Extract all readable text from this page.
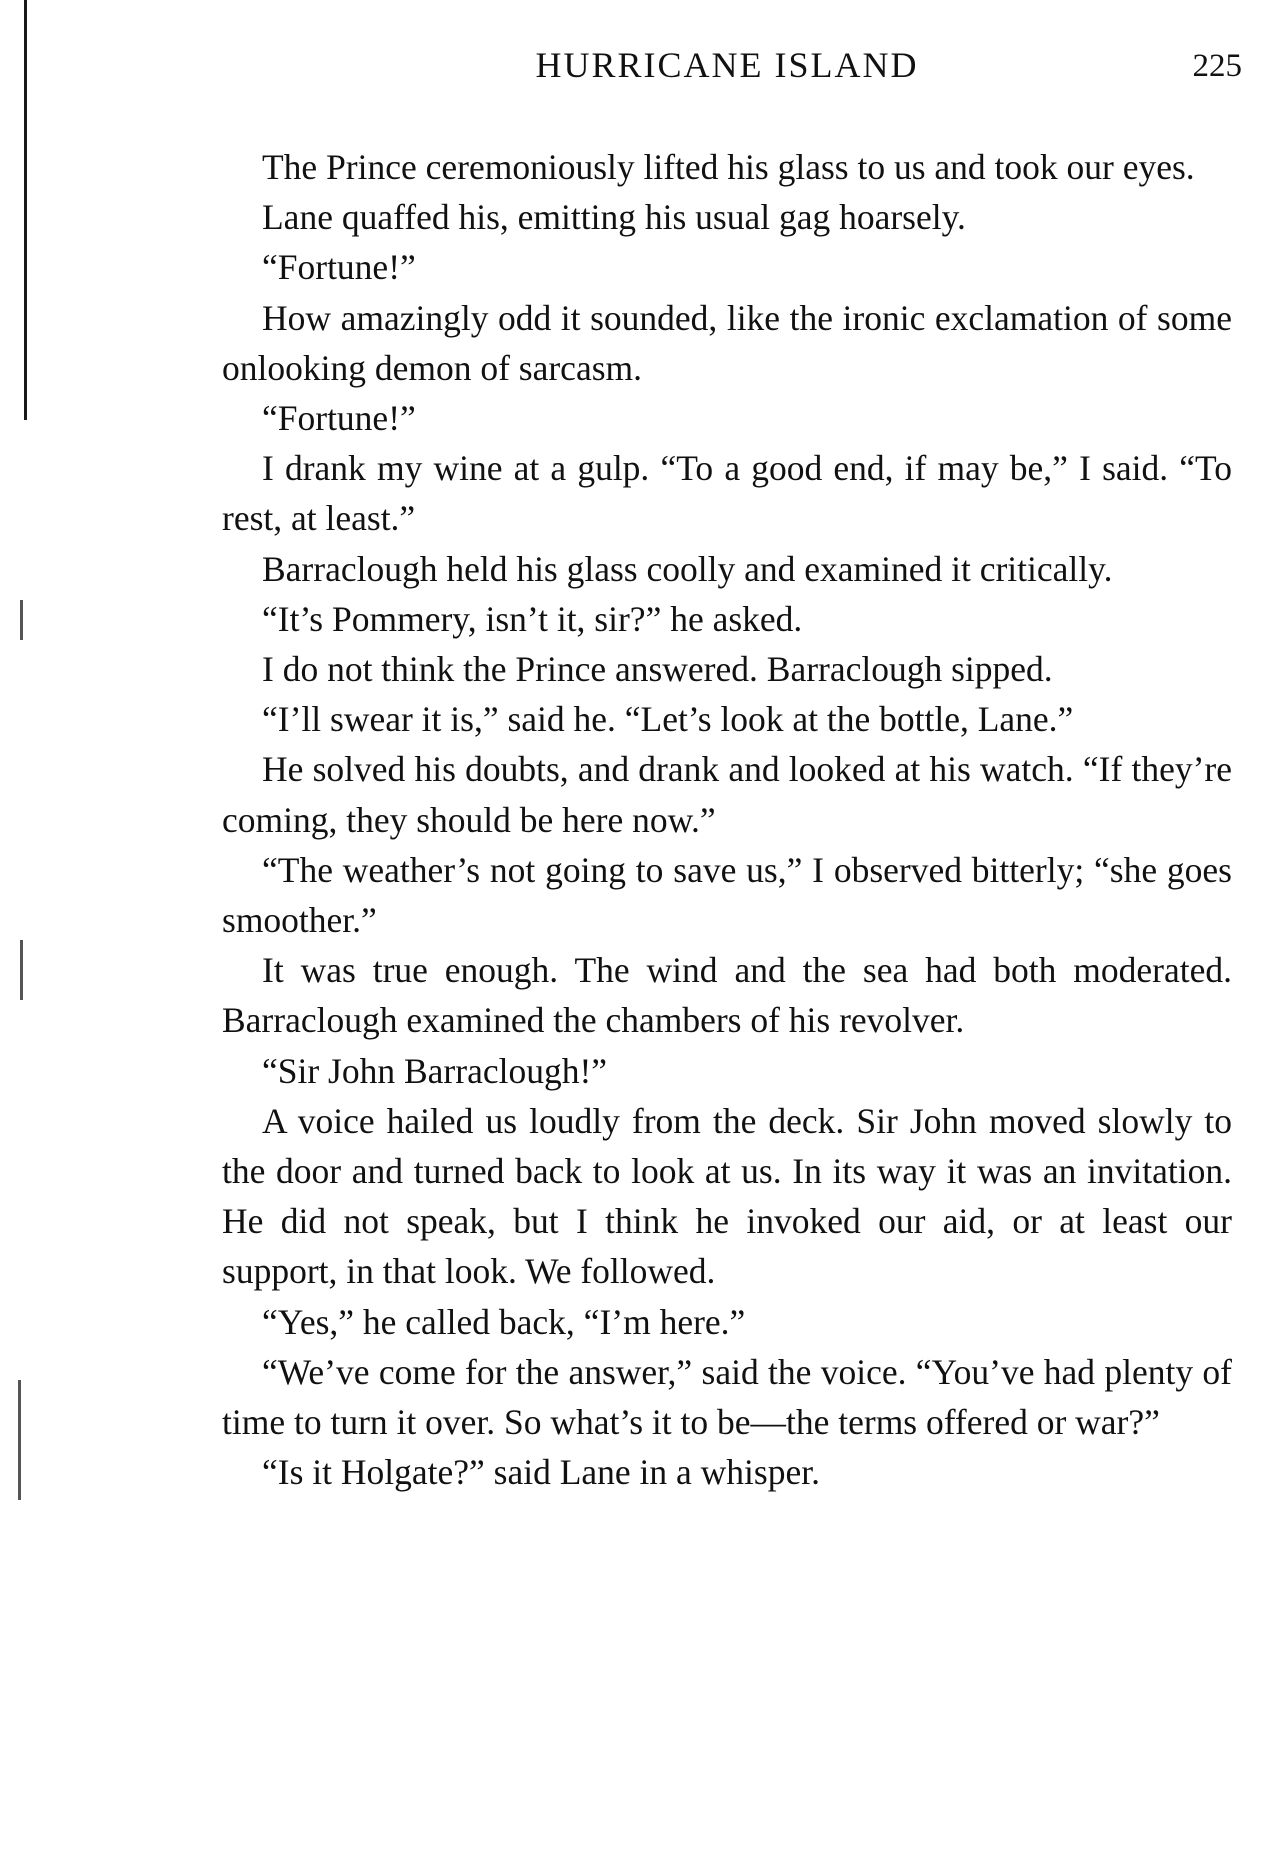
HURRICANE ISLAND	225

The Prince ceremoniously lifted his glass to us and took our eyes.

Lane quaffed his, emitting his usual gag hoarsely.

“Fortune!”

How amazingly odd it sounded, like the ironic exclamation of some onlooking demon of sarcasm.

“Fortune!”

I drank my wine at a gulp. “To a good end, if may be,” I said. “To rest, at least.”

Barraclough held his glass coolly and examined it critically.

“It’s Pommery, isn’t it, sir?” he asked.

I do not think the Prince answered. Barraclough sipped.

“I’ll swear it is,” said he. “Let’s look at the bottle, Lane.”

He solved his doubts, and drank and looked at his watch. “If they’re coming, they should be here now.”

“The weather’s not going to save us,” I observed bitterly; “she goes smoother.”

It was true enough. The wind and the sea had both moderated. Barraclough examined the chambers of his revolver.

“Sir John Barraclough!”

A voice hailed us loudly from the deck. Sir John moved slowly to the door and turned back to look at us. In its way it was an invitation. He did not speak, but I think he invoked our aid, or at least our support, in that look. We followed.

“Yes,” he called back, “I’m here.”

“We’ve come for the answer,” said the voice. “You’ve had plenty of time to turn it over. So what’s it to be—the terms offered or war?”

“Is it Holgate?” said Lane in a whisper.
